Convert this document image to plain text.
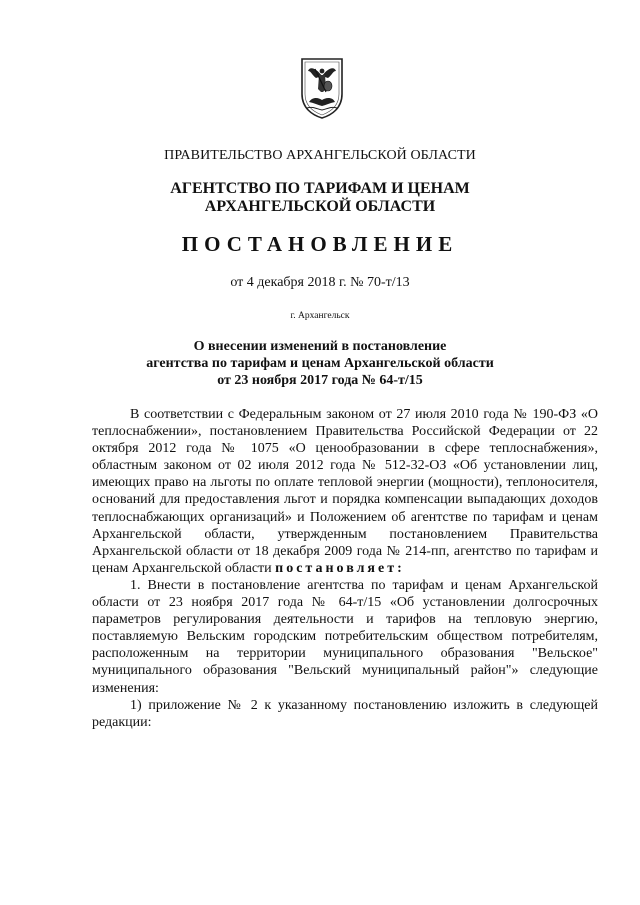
ПРАВИТЕЛЬСТВО АРХАНГЕЛЬСКОЙ ОБЛАСТИ
АГЕНТСТВО ПО ТАРИФАМ И ЦЕНАМ
АРХАНГЕЛЬСКОЙ ОБЛАСТИ
ПОСТАНОВЛЕНИЕ
от 4 декабря 2018 г. № 70-т/13
г. Архангельск
О внесении изменений в постановление
агентства по тарифам и ценам Архангельской области
от 23 ноября 2017 года № 64-т/15

В соответствии с Федеральным законом от 27 июля 2010 года № 190-ФЗ «О теплоснабжении», постановлением Правительства Российской Федерации от 22 октября 2012 года № 1075 «О ценообразовании в сфере теплоснабжения», областным законом от 02 июля 2012 года № 512-32-ОЗ «Об установлении лиц, имеющих право на льготы по оплате тепловой энергии (мощности), теплоносителя, оснований для предоставления льгот и порядка компенсации выпадающих доходов теплоснабжающих организаций» и Положением об агентстве по тарифам и ценам Архангельской области, утвержденным постановлением Правительства Архангельской области от 18 декабря 2009 года № 214-пп, агентство по тарифам и ценам Архангельской области постановляет:

1. Внести в постановление агентства по тарифам и ценам Архангельской области от 23 ноября 2017 года № 64-т/15 «Об установлении долгосрочных параметров регулирования деятельности и тарифов на тепловую энергию, поставляемую Вельским городским потребительским обществом потребителям, расположенным на территории муниципального образования "Вельское" муниципального образования "Вельский муниципальный район"» следующие изменения:

1) приложение № 2 к указанному постановлению изложить в следующей редакции:
